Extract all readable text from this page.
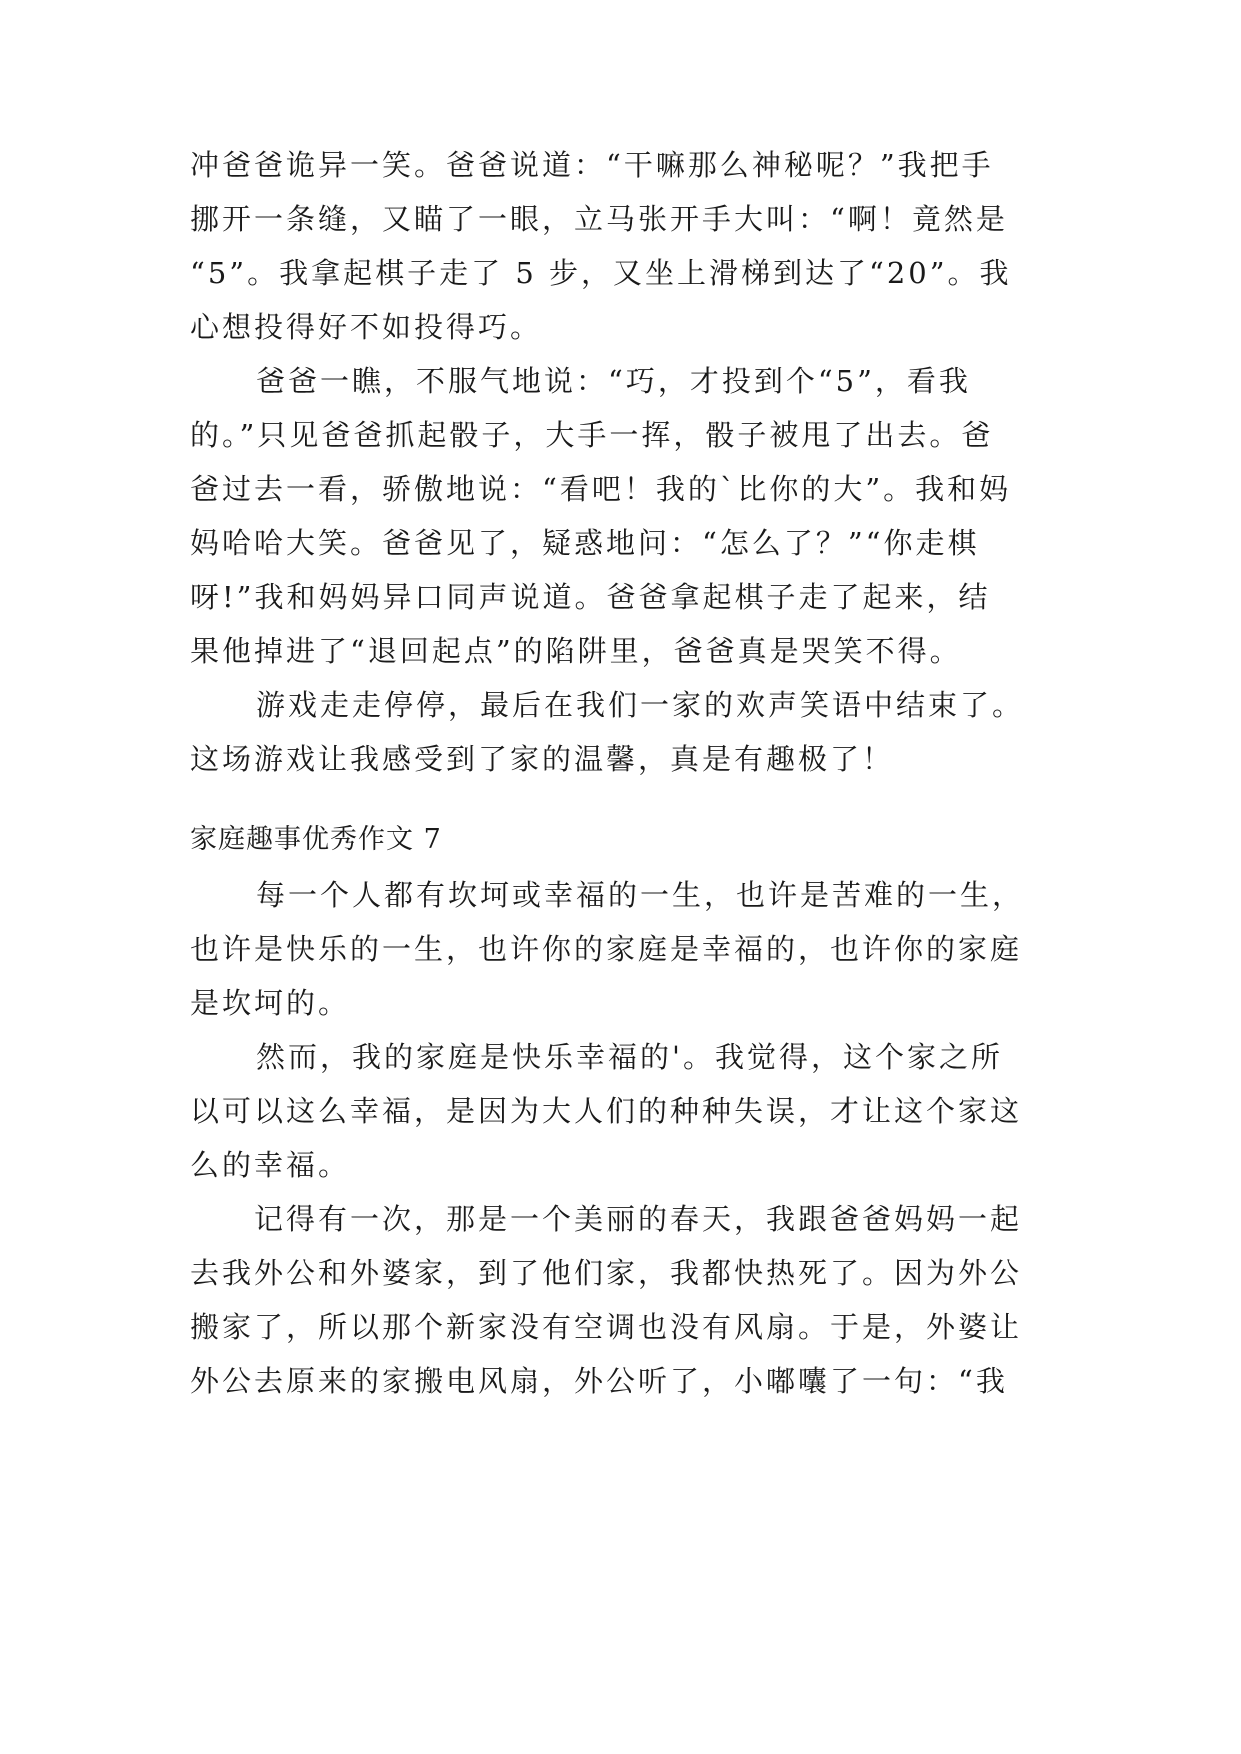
冲爸爸诡异一笑。爸爸说道：“干嘛那么神秘呢？”我把手
挪开一条缝，又瞄了一眼，立马张开手大叫：“啊！竟然是
“5”。我拿起棋子走了 5 步，又坐上滑梯到达了“20”。我
心想投得好不如投得巧。
爸爸一瞧，不服气地说：“巧，才投到个“5”，看我
的。”只见爸爸抓起骰子，大手一挥，骰子被甩了出去。爸
爸过去一看，骄傲地说：“看吧！我的`比你的大”。我和妈
妈哈哈大笑。爸爸见了，疑惑地问：“怎么了？”“你走棋
呀!”我和妈妈异口同声说道。爸爸拿起棋子走了起来，结
果他掉进了“退回起点”的陷阱里，爸爸真是哭笑不得。
游戏走走停停，最后在我们一家的欢声笑语中结束了。
这场游戏让我感受到了家的温馨，真是有趣极了！
家庭趣事优秀作文 7
每一个人都有坎坷或幸福的一生，也许是苦难的一生，
也许是快乐的一生，也许你的家庭是幸福的，也许你的家庭
是坎坷的。
然而，我的家庭是快乐幸福的'。我觉得，这个家之所
以可以这么幸福，是因为大人们的种种失误，才让这个家这
么的幸福。
记得有一次，那是一个美丽的春天，我跟爸爸妈妈一起
去我外公和外婆家，到了他们家，我都快热死了。因为外公
搬家了，所以那个新家没有空调也没有风扇。于是，外婆让
外公去原来的家搬电风扇，外公听了，小嘟囔了一句：“我
